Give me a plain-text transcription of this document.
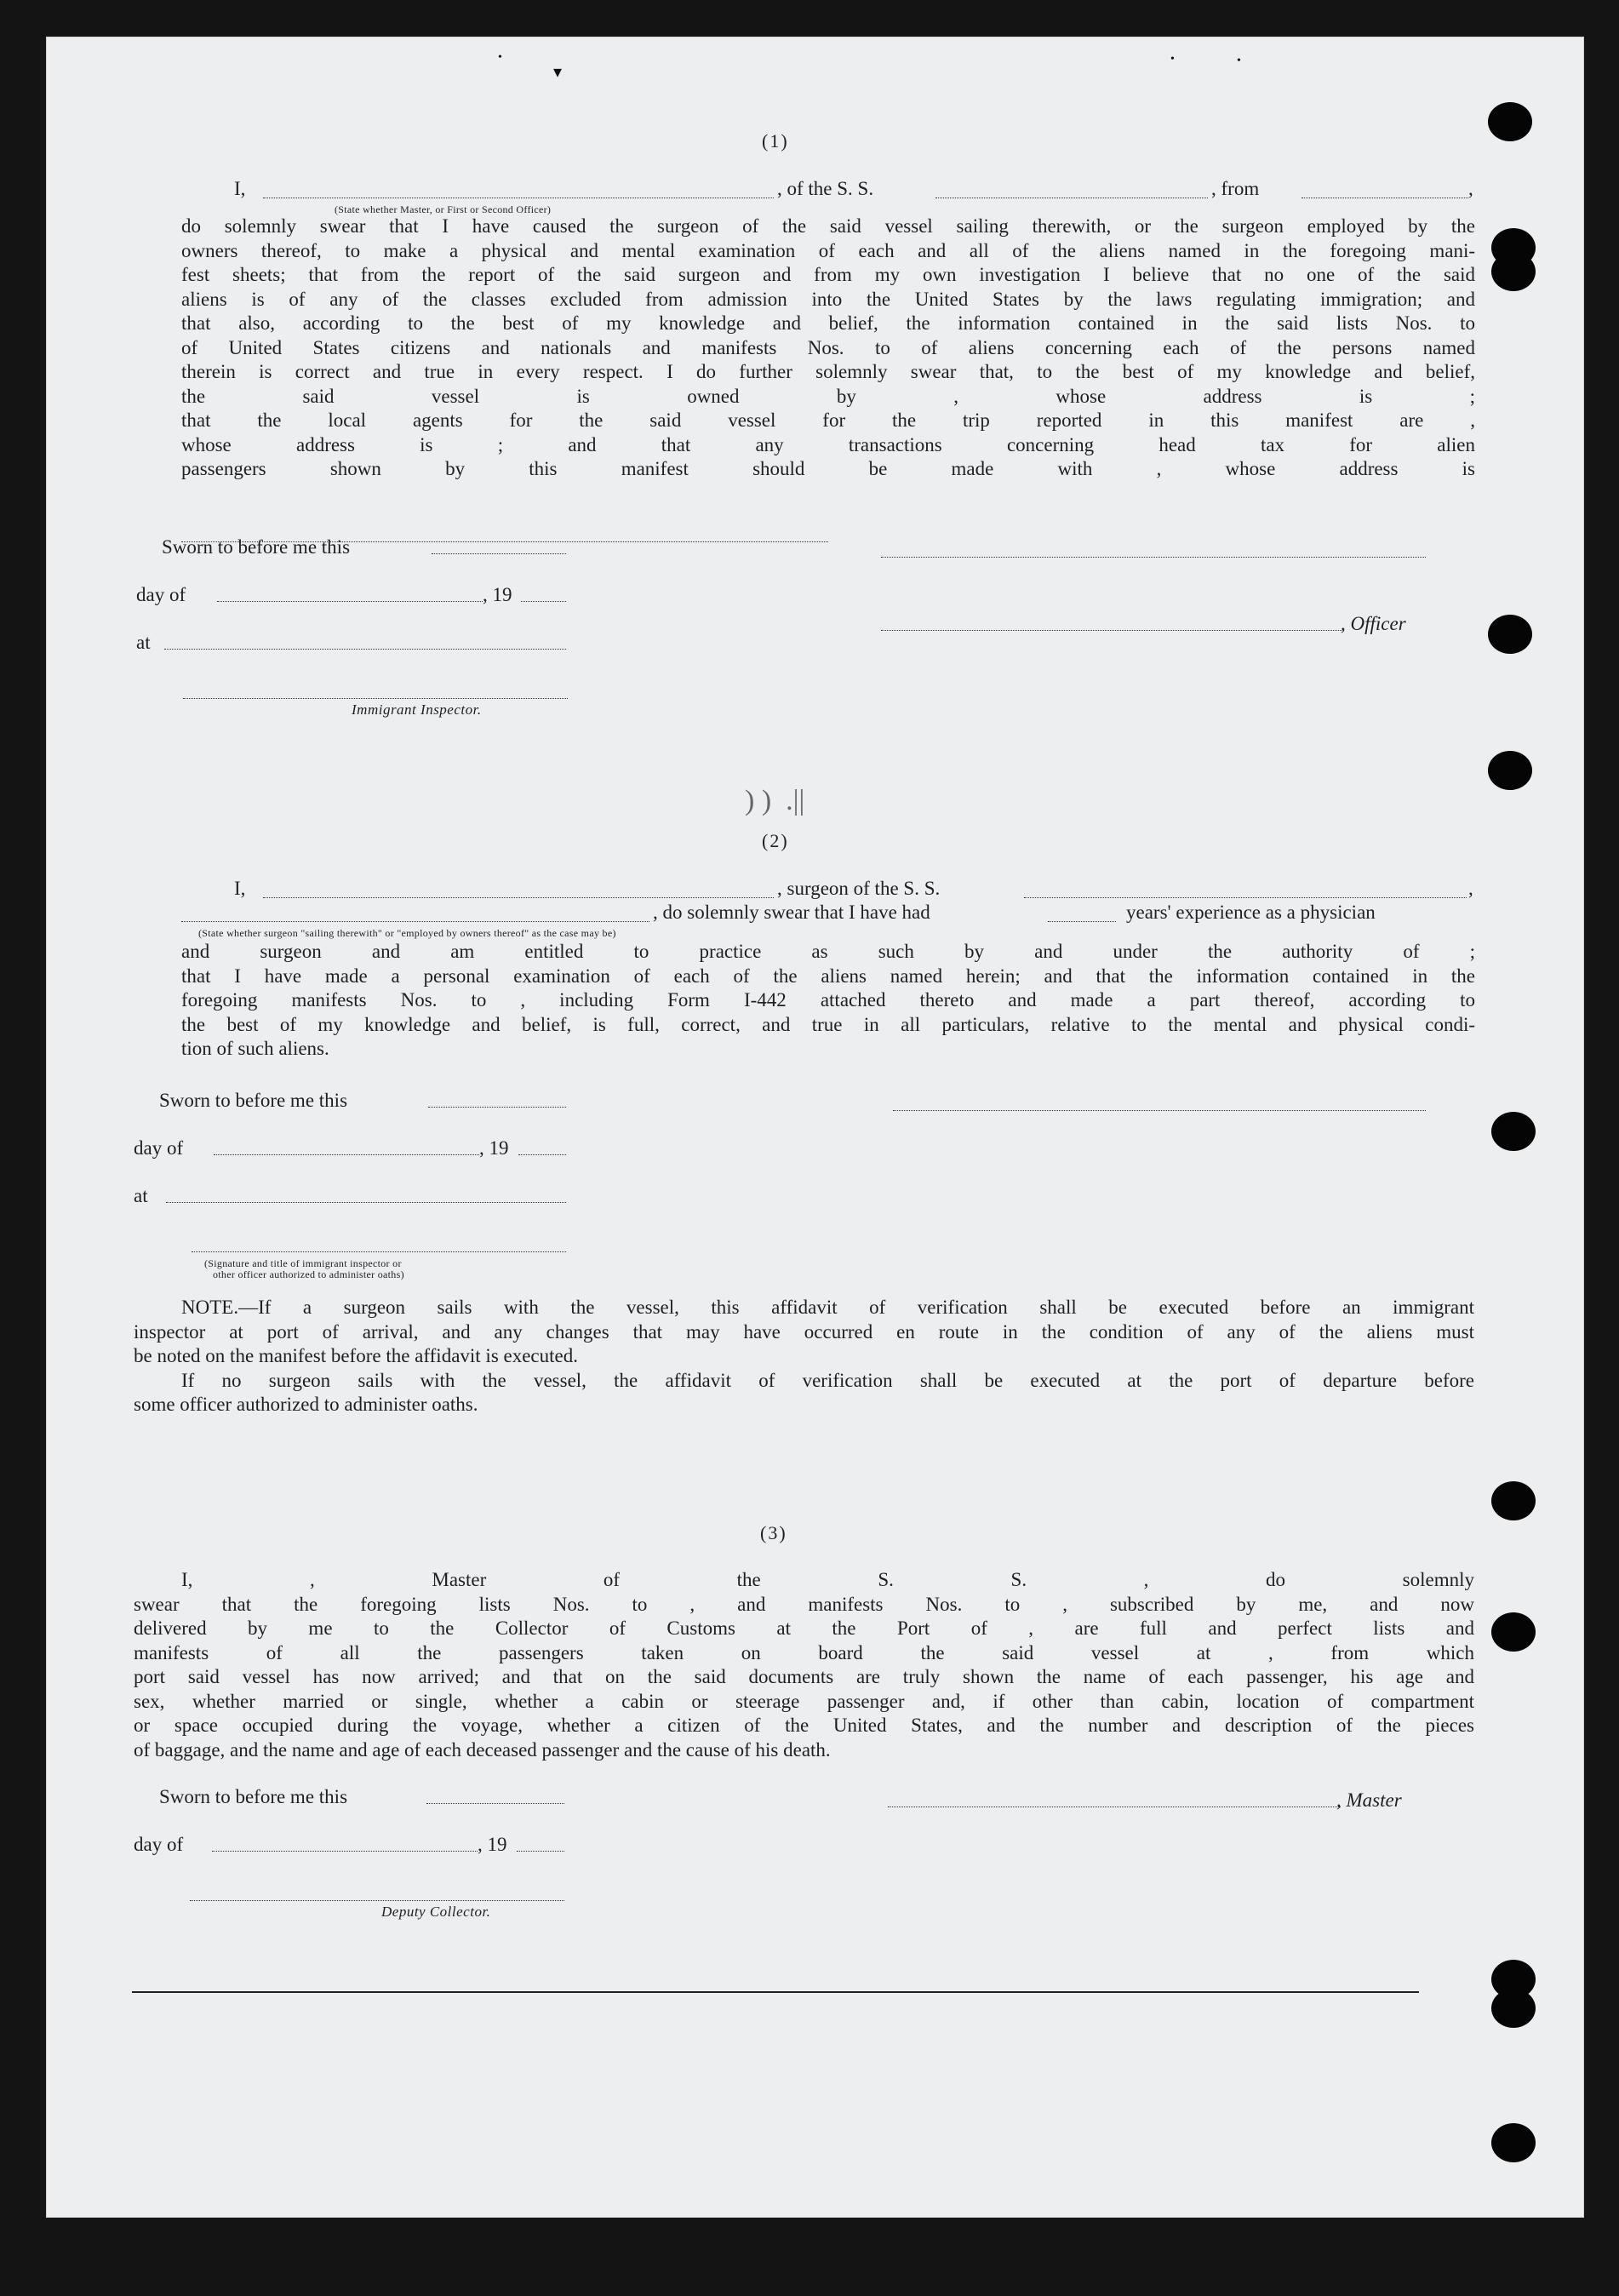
(1)
I,	, of the S. S.	, from	,
(State whether Master, or First or Second Officer)
do solemnly swear that I have caused the surgeon of the said vessel sailing therewith, or the surgeon employed by the
owners thereof, to make a physical and mental examination of each and all of the aliens named in the foregoing mani-
fest sheets; that from the report of the said surgeon and from my own investigation I believe that no one of the said
aliens is of any of the classes excluded from admission into the United States by the laws regulating immigration; and
that also, according to the best of my knowledge and belief, the information contained in the said lists Nos. to
of United States citizens and nationals and manifests Nos. to of aliens concerning each of the persons named
therein is correct and true in every respect. I do further solemnly swear that, to the best of my knowledge and belief,
the said vessel is owned by , whose address is ;
that the local agents for the said vessel for the trip reported in this manifest are ,
whose address is ; and that any transactions concerning head tax for alien
passengers shown by this manifest should be made with , whose address is
Sworn to before me this
day of	, 19
at
, Officer
Immigrant Inspector.
) )  .||
(2)
I,	, surgeon of the S. S.	,
, do solemnly swear that I have had	years' experience as a physician
(State whether surgeon "sailing therewith" or "employed by owners thereof" as the case may be)
and surgeon and am entitled to practice as such by and under the authority of ;
that I have made a personal examination of each of the aliens named herein; and that the information contained in the
foregoing manifests Nos. to , including Form I-442 attached thereto and made a part thereof, according to
the best of my knowledge and belief, is full, correct, and true in all particulars, relative to the mental and physical condi-
tion of such aliens.
Sworn to before me this
day of	, 19
at
(Signature and title of immigrant inspector or
other officer authorized to administer oaths)
NOTE.—If a surgeon sails with the vessel, this affidavit of verification shall be executed before an immigrant
inspector at port of arrival, and any changes that may have occurred en route in the condition of any of the aliens must
be noted on the manifest before the affidavit is executed.
If no surgeon sails with the vessel, the affidavit of verification shall be executed at the port of departure before
some officer authorized to administer oaths.
(3)
I, , Master of the S. S. , do solemnly
swear that the foregoing lists Nos. to , and manifests Nos. to , subscribed by me, and now
delivered by me to the Collector of Customs at the Port of , are full and perfect lists and
manifests of all the passengers taken on board the said vessel at , from which
port said vessel has now arrived; and that on the said documents are truly shown the name of each passenger, his age and
sex, whether married or single, whether a cabin or steerage passenger and, if other than cabin, location of compartment
or space occupied during the voyage, whether a citizen of the United States, and the number and description of the pieces
of baggage, and the name and age of each deceased passenger and the cause of his death.
Sworn to before me this	, Master
day of	, 19
Deputy Collector.
•
▾
•	•
